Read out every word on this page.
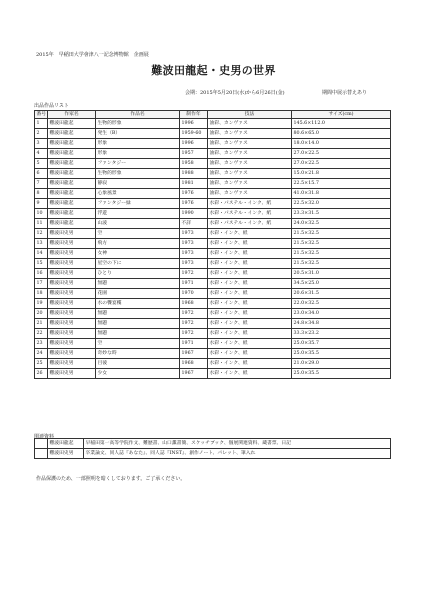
2015年　早稲田大学會津八一記念博物館　企画展
難波田龍起・史男の世界
会期：2015年5月20日(水)から6月26日(金)	期間中展示替えあり
出品作品リスト
番号	作家名	作品名	制作年	技法	サイズ(cm)
1	難波田龍起	生物的形象	1996	油彩、カンヴァス	145.6×112.0
2	難波田龍起	発生（B）	1959-60	油彩、カンヴァス	80.6×65.0
3	難波田龍起	形象	1996	油彩、カンヴァス	18.0×14.0
4	難波田龍起	形象	1957	油彩、カンヴァス	27.0×22.5
5	難波田龍起	ファンタジー	1958	油彩、カンヴァス	27.0×22.5
6	難波田龍起	生物的形象	1988	油彩、カンヴァス	15.0×21.8
7	難波田龍起	静寂	1981	油彩、カンヴァス	22.5×15.7
8	難波田龍起	心象風景	1976	油彩、カンヴァス	41.0×31.8
9	難波田龍起	ファンタジー緑	1976	水彩・パステル・インク、紙	22.5×32.0
10	難波田龍起	浮遊	1990	水彩・パステル・インク、紙	23.3×31.5
11	難波田龍起	山波	不詳	水彩・パステル・インク、紙	24.0×32.5
12	難波田史男	空	1973	水彩・インク、紙	21.5×32.5
13	難波田史男	飛方	1973	水彩・インク、紙	21.5×32.5
14	難波田史男	女神	1973	水彩・インク、紙	21.5×32.5
15	難波田史男	星空の下に	1973	水彩・インク、紙	21.5×32.5
16	難波田史男	ひとり	1972	水彩・インク、紙	20.5×31.0
17	難波田史男	無題	1971	水彩・インク、紙	34.5×25.0
18	難波田史男	花園	1970	水彩・インク、紙	20.6×31.5
19	難波田史男	水の饗宴樓	1968	水彩・インク、紙	22.0×32.5
20	難波田史男	無題	1972	水彩・インク、紙	23.0×34.0
21	難波田史男	無題	1972	水彩・インク、紙	24.8×34.8
22	難波田史男	無題	1972	水彩・インク、紙	33.3×23.2
23	難波田史男	空	1971	水彩・インク、紙	25.0×35.7
24	難波田史男	奇妙な時	1967	水彩・インク、紙	25.0×35.5
25	難波田史男	目彼	1968	水彩・インク、紙	21.0×29.0
26	難波田史男	少女	1967	水彩・インク、紙	25.0×35.5
関連資料
	難波田龍起	早稲田第一高等学院作文、難歴書、山口薫書簡、スケッチブック、個展関連資料、蔵書票、日記
	難波田史男	卒業論文、同人誌『あなた』、同人誌『INST』、創作ノート、パレット、筆入れ
作品保護のため、一部照明を暗くしております。ご了承ください。
